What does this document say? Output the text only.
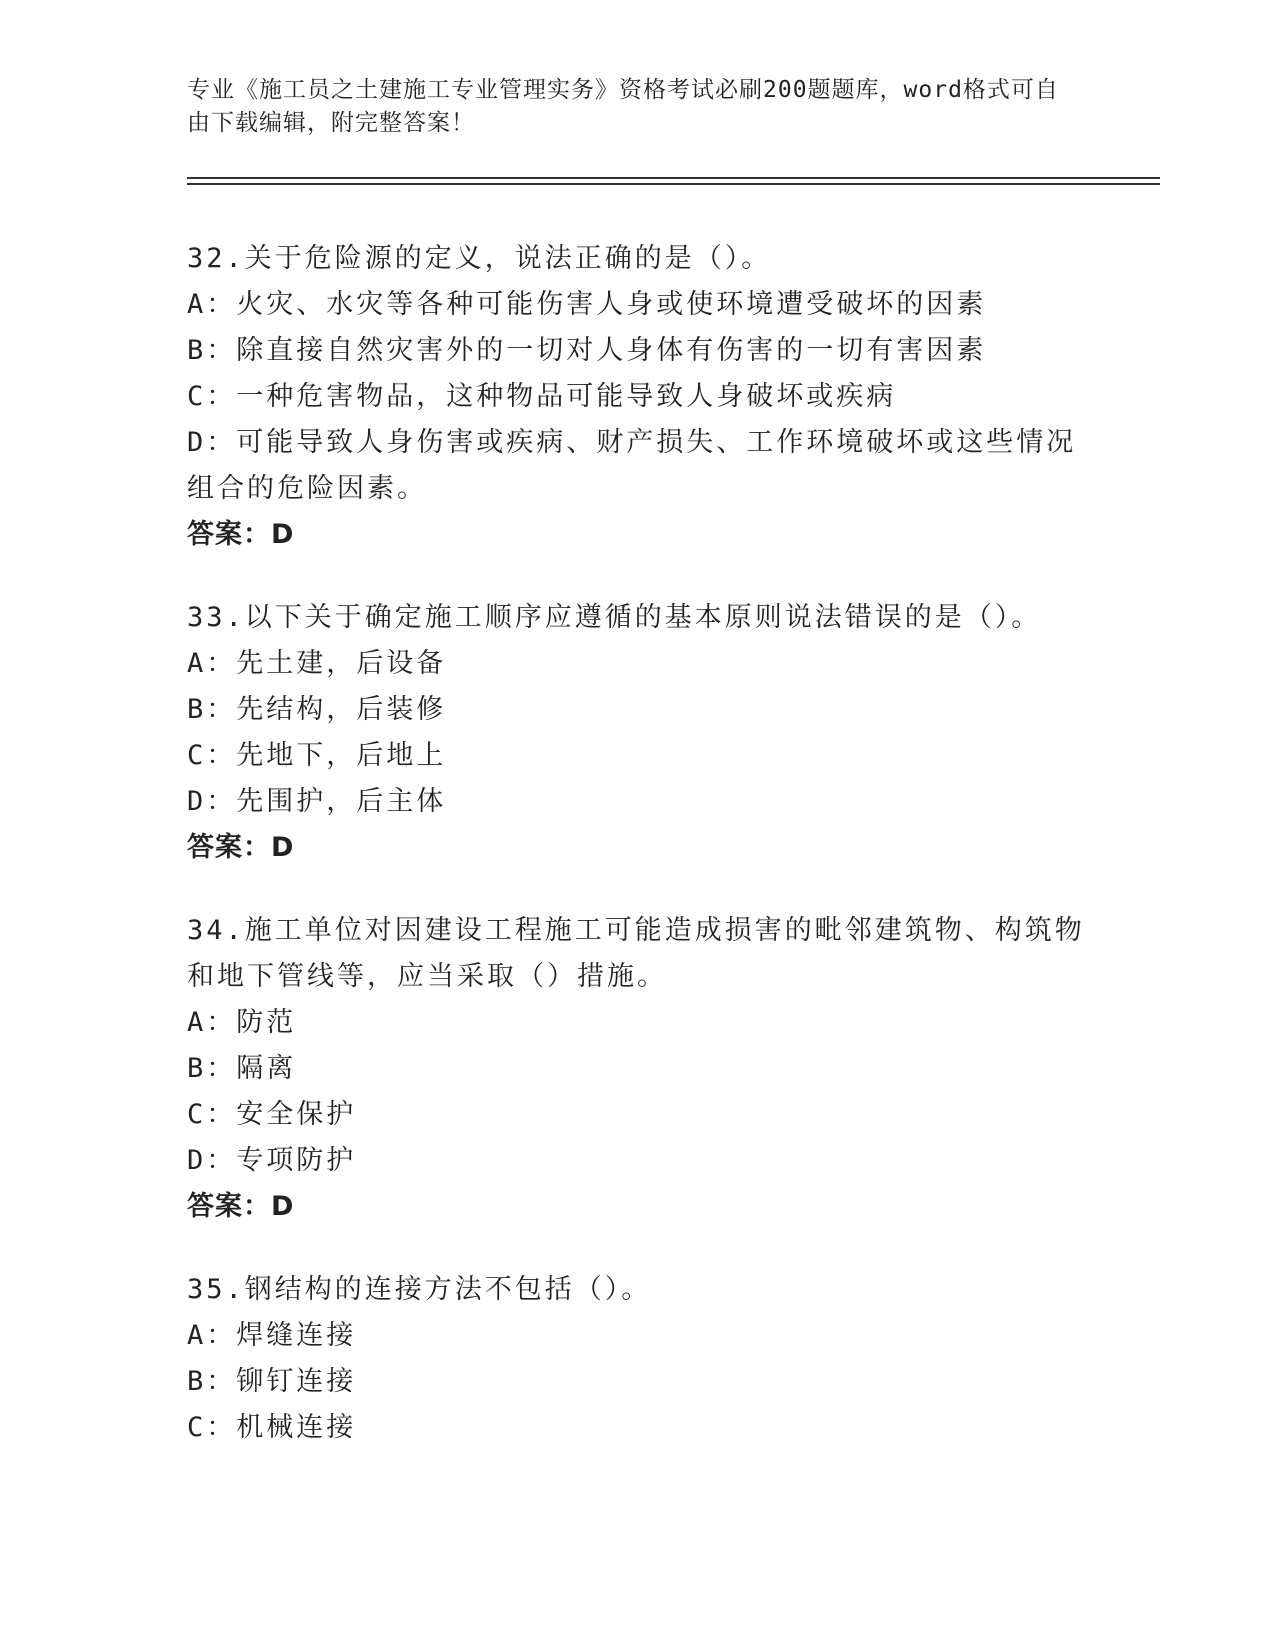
专业《施工员之土建施工专业管理实务》资格考试必刷200题题库，word格式可自由下载编辑，附完整答案！
32.关于危险源的定义，说法正确的是（）。
A：火灾、水灾等各种可能伤害人身或使环境遭受破坏的因素
B：除直接自然灾害外的一切对人身体有伤害的一切有害因素
C：一种危害物品，这种物品可能导致人身破坏或疾病
D：可能导致人身伤害或疾病、财产损失、工作环境破坏或这些情况组合的危险因素。
答案：D
33.以下关于确定施工顺序应遵循的基本原则说法错误的是（）。
A：先土建，后设备
B：先结构，后装修
C：先地下，后地上
D：先围护，后主体
答案：D
34.施工单位对因建设工程施工可能造成损害的毗邻建筑物、构筑物和地下管线等，应当采取（）措施。
A：防范
B：隔离
C：安全保护
D：专项防护
答案：D
35.钢结构的连接方法不包括（）。
A：焊缝连接
B：铆钉连接
C：机械连接
